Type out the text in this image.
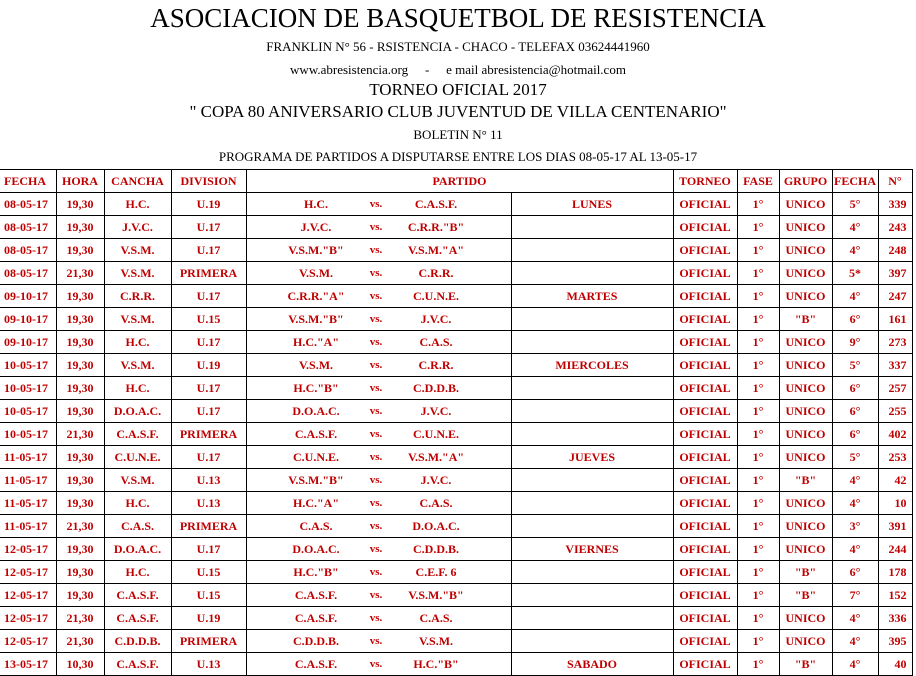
ASOCIACION DE BASQUETBOL DE RESISTENCIA
FRANKLIN N° 56 - RSISTENCIA - CHACO - TELEFAX 03624441960
www.abresistencia.org - e mail abresistencia@hotmail.com
TORNEO OFICIAL 2017
" COPA 80 ANIVERSARIO CLUB JUVENTUD DE VILLA CENTENARIO"
BOLETIN N° 11
PROGRAMA DE PARTIDOS A DISPUTARSE ENTRE LOS DIAS 08-05-17 AL 13-05-17
FECHA	HORA	CANCHA	DIVISION	PARTIDO						TORNEO	FASE	GRUPO	FECHA	N°
08-05-17	19,30	H.C.	U.19		H.C.	vs.	C.A.S.F.		LUNES	OFICIAL	1°	UNICO	5°	339
08-05-17	19,30	J.V.C.	U.17		J.V.C.	vs.	C.R.R."B"			OFICIAL	1°	UNICO	4°	243
08-05-17	19,30	V.S.M.	U.17		V.S.M."B"	vs.	V.S.M."A"			OFICIAL	1°	UNICO	4°	248
08-05-17	21,30	V.S.M.	PRIMERA		V.S.M.	vs.	C.R.R.			OFICIAL	1°	UNICO	5*	397
09-10-17	19,30	C.R.R.	U.17		C.R.R."A"	vs.	C.U.N.E.		MARTES	OFICIAL	1°	UNICO	4°	247
09-10-17	19,30	V.S.M.	U.15		V.S.M."B"	vs.	J.V.C.			OFICIAL	1°	"B"	6°	161
09-10-17	19,30	H.C.	U.17		H.C."A"	vs.	C.A.S.			OFICIAL	1°	UNICO	9°	273
10-05-17	19,30	V.S.M.	U.19		V.S.M.	vs.	C.R.R.		MIERCOLES	OFICIAL	1°	UNICO	5°	337
10-05-17	19,30	H.C.	U.17		H.C."B"	vs.	C.D.D.B.			OFICIAL	1°	UNICO	6°	257
10-05-17	19,30	D.O.A.C.	U.17		D.O.A.C.	vs.	J.V.C.			OFICIAL	1°	UNICO	6°	255
10-05-17	21,30	C.A.S.F.	PRIMERA		C.A.S.F.	vs.	C.U.N.E.			OFICIAL	1°	UNICO	6°	402
11-05-17	19,30	C.U.N.E.	U.17		C.U.N.E.	vs.	V.S.M."A"		JUEVES	OFICIAL	1°	UNICO	5°	253
11-05-17	19,30	V.S.M.	U.13		V.S.M."B"	vs.	J.V.C.			OFICIAL	1°	"B"	4°	42
11-05-17	19,30	H.C.	U.13		H.C."A"	vs.	C.A.S.			OFICIAL	1°	UNICO	4°	10
11-05-17	21,30	C.A.S.	PRIMERA		C.A.S.	vs.	D.O.A.C.			OFICIAL	1°	UNICO	3°	391
12-05-17	19,30	D.O.A.C.	U.17		D.O.A.C.	vs.	C.D.D.B.		VIERNES	OFICIAL	1°	UNICO	4°	244
12-05-17	19,30	H.C.	U.15		H.C."B"	vs.	C.E.F. 6			OFICIAL	1°	"B"	6°	178
12-05-17	19,30	C.A.S.F.	U.15		C.A.S.F.	vs.	V.S.M."B"			OFICIAL	1°	"B"	7°	152
12-05-17	21,30	C.A.S.F.	U.19		C.A.S.F.	vs.	C.A.S.			OFICIAL	1°	UNICO	4°	336
12-05-17	21,30	C.D.D.B.	PRIMERA		C.D.D.B.	vs.	V.S.M.			OFICIAL	1°	UNICO	4°	395
13-05-17	10,30	C.A.S.F.	U.13		C.A.S.F.	vs.	H.C."B"		SABADO	OFICIAL	1°	"B"	4°	40
